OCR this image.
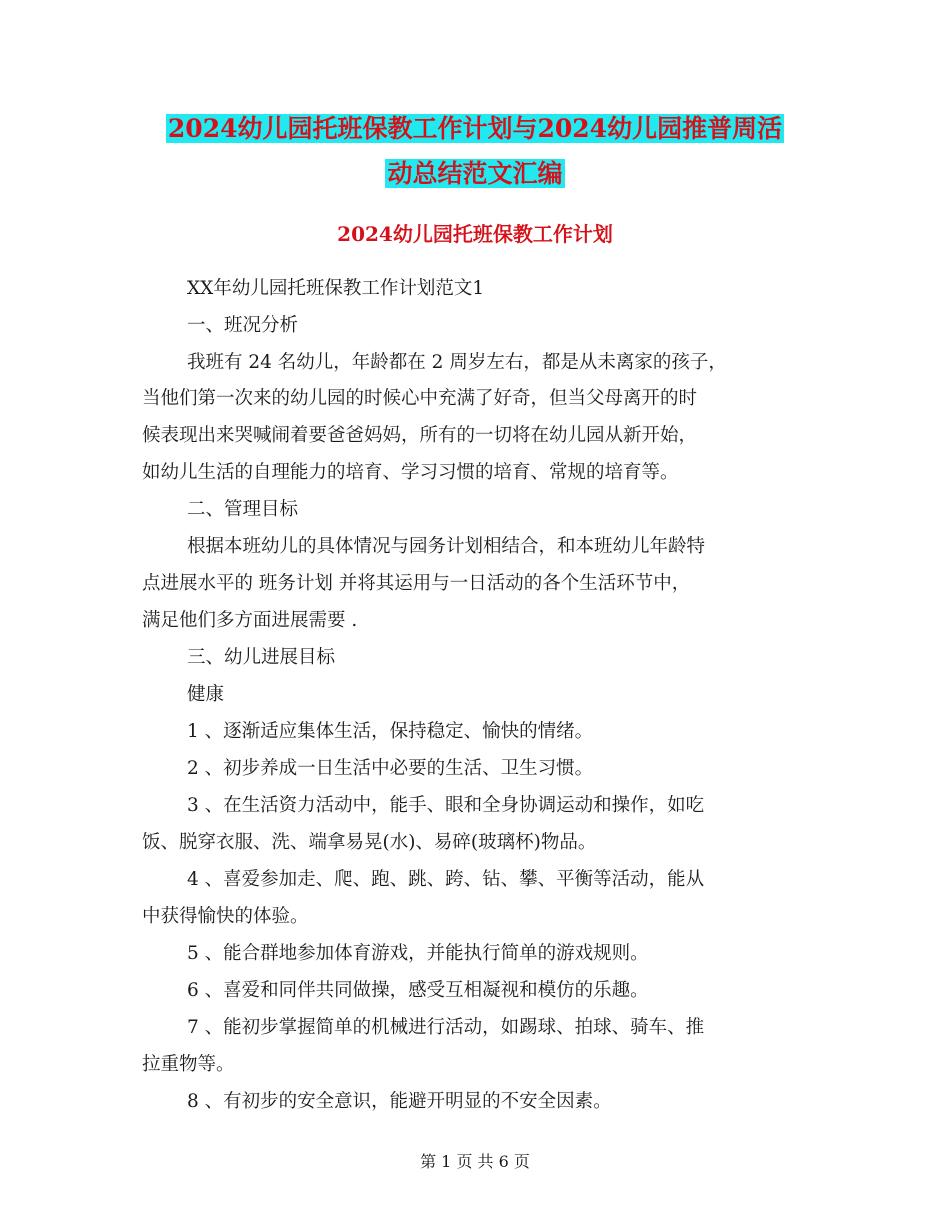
2024幼儿园托班保教工作计划与2024幼儿园推普周活
动总结范文汇编
2024幼儿园托班保教工作计划
XX年幼儿园托班保教工作计划范文1
一、班况分析
我班有 24 名幼儿，年龄都在 2 周岁左右，都是从未离家的孩子，
当他们第一次来的幼儿园的时候心中充满了好奇，但当父母离开的时
候表现出来哭喊闹着要爸爸妈妈，所有的一切将在幼儿园从新开始，
如幼儿生活的自理能力的培育、学习习惯的培育、常规的培育等。
二、管理目标
根据本班幼儿的具体情况与园务计划相结合，和本班幼儿年龄特
点进展水平的 班务计划 并将其运用与一日活动的各个生活环节中，
满足他们多方面进展需要 .
三、幼儿进展目标
健康
1 、逐渐适应集体生活，保持稳定、愉快的情绪。
2 、初步养成一日生活中必要的生活、卫生习惯。
3 、在生活资力活动中，能手、眼和全身协调运动和操作，如吃
饭、脱穿衣服、洗、端拿易晃(水)、易碎(玻璃杯)物品。
4 、喜爱参加走、爬、跑、跳、跨、钻、攀、平衡等活动，能从
中获得愉快的体验。
5 、能合群地参加体育游戏，并能执行简单的游戏规则。
6 、喜爱和同伴共同做操，感受互相凝视和模仿的乐趣。
7 、能初步掌握简单的机械进行活动，如踢球、拍球、骑车、推
拉重物等。
8 、有初步的安全意识，能避开明显的不安全因素。
第 1 页 共 6 页
